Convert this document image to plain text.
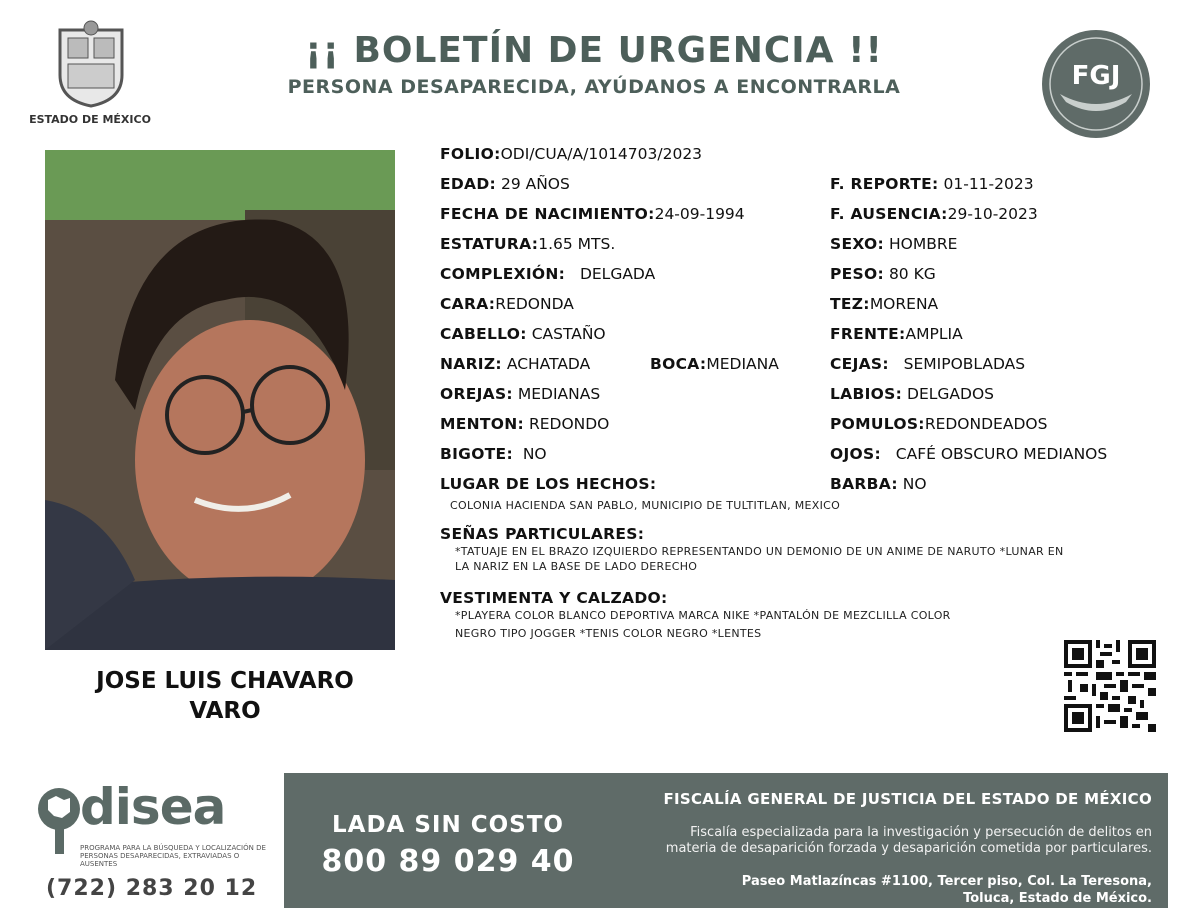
ESTADO DE MÉXICO
¡¡ BOLETÍN DE URGENCIA !!
PERSONA DESAPARECIDA, AYÚDANOS A ENCONTRARLA	FGJ
JOSE LUIS CHAVARO
VARO
FOLIO:ODI/CUA/A/1014703/2023
EDAD: 29 AÑOS	F. REPORTE: 01-11-2023
FECHA DE NACIMIENTO:24-09-1994	F. AUSENCIA:29-10-2023
ESTATURA:1.65 MTS.	SEXO: HOMBRE
COMPLEXIÓN: DELGADA	PESO: 80 KG
CARA:REDONDA	TEZ:MORENA
CABELLO: CASTAÑO	FRENTE:AMPLIA
NARIZ: ACHATADA	BOCA:MEDIANA	CEJAS: SEMIPOBLADAS
OREJAS: MEDIANAS	LABIOS: DELGADOS
MENTON: REDONDO	POMULOS:REDONDEADOS
BIGOTE: NO	OJOS: CAFÉ OBSCURO MEDIANOS
LUGAR DE LOS HECHOS:	BARBA: NO
COLONIA HACIENDA SAN PABLO, MUNICIPIO DE TULTITLAN, MEXICO
SEÑAS PARTICULARES:
*TATUAJE EN EL BRAZO IZQUIERDO REPRESENTANDO UN DEMONIO DE UN ANIME DE NARUTO *LUNAR EN
LA NARIZ EN LA BASE DE LADO DERECHO
VESTIMENTA Y CALZADO:
*PLAYERA COLOR BLANCO DEPORTIVA MARCA NIKE *PANTALÓN DE MEZCLILLA COLOR
NEGRO TIPO JOGGER *TENIS COLOR NEGRO *LENTES
disea
PROGRAMA PARA LA BÚSQUEDA Y LOCALIZACIÓN DE PERSONAS DESAPARECIDAS, EXTRAVIADAS O AUSENTES
(722) 283 20 12
LADA SIN COSTO
800 89 029 40
FISCALÍA GENERAL DE JUSTICIA DEL ESTADO DE MÉXICO
Fiscalía especializada para la investigación y persecución de delitos en
materia de desaparición forzada y desaparición cometida por particulares.
Paseo Matlazíncas #1100, Tercer piso, Col. La Teresona,
Toluca, Estado de México.
